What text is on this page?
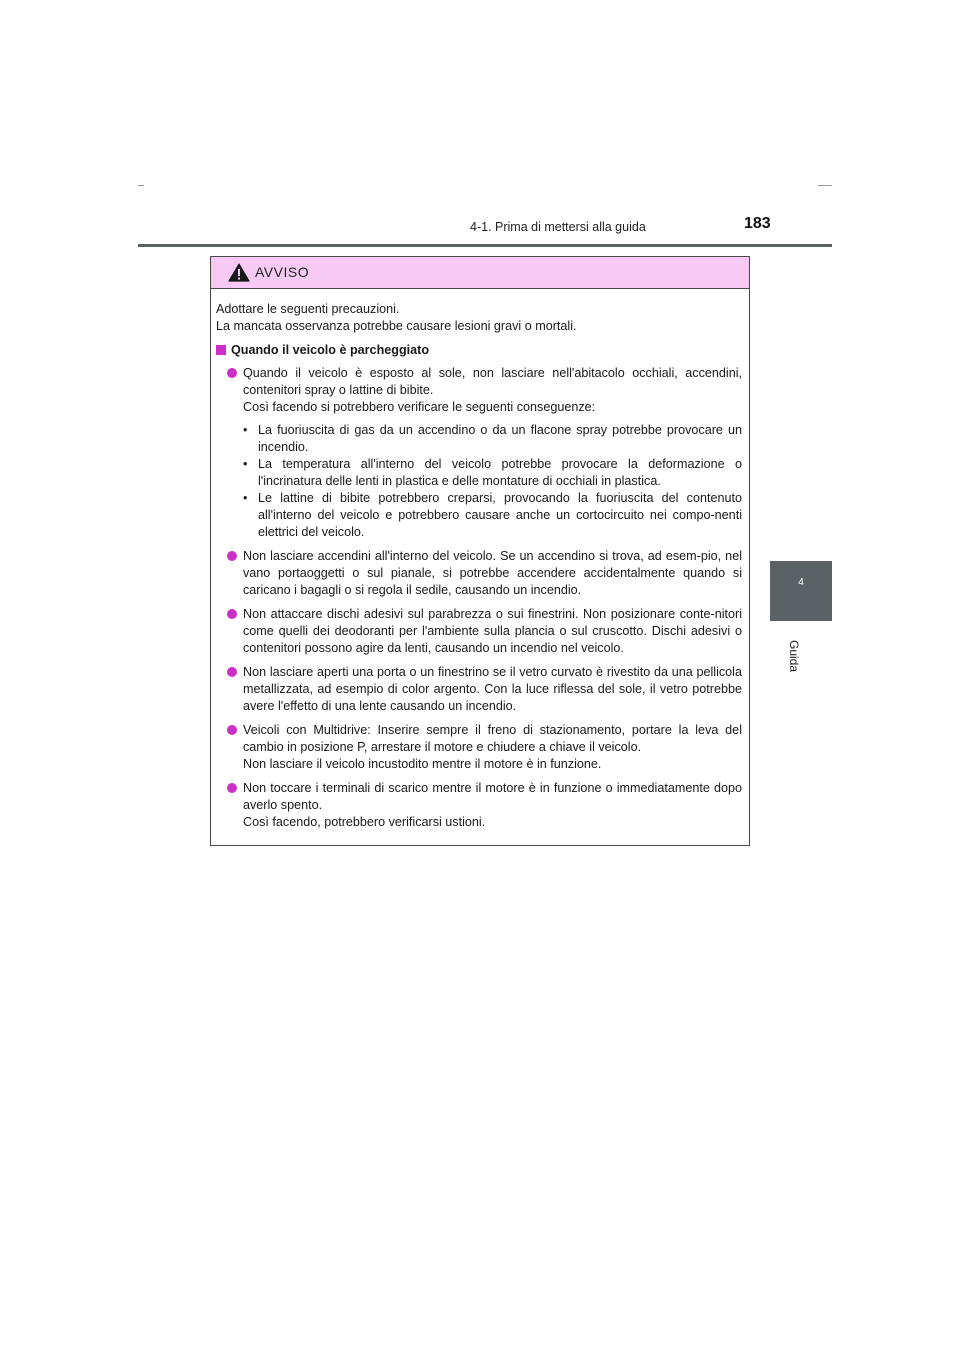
4-1. Prima di mettersi alla guida	183
4
Guida
AVVISO
Adottare le seguenti precauzioni.
La mancata osservanza potrebbe causare lesioni gravi o mortali.
Quando il veicolo è parcheggiato
Quando il veicolo è esposto al sole, non lasciare nell'abitacolo occhiali, accendini, contenitori spray o lattine di bibite.
Così facendo si potrebbero verificare le seguenti conseguenze:
• La fuoriuscita di gas da un accendino o da un flacone spray potrebbe provocare un incendio.
• La temperatura all'interno del veicolo potrebbe provocare la deformazione o l'incrinatura delle lenti in plastica e delle montature di occhiali in plastica.
• Le lattine di bibite potrebbero creparsi, provocando la fuoriuscita del contenuto all'interno del veicolo e potrebbero causare anche un cortocircuito nei compo-nenti elettrici del veicolo.
Non lasciare accendini all'interno del veicolo. Se un accendino si trova, ad esem-pio, nel vano portaoggetti o sul pianale, si potrebbe accendere accidentalmente quando si caricano i bagagli o si regola il sedile, causando un incendio.
Non attaccare dischi adesivi sul parabrezza o sui finestrini. Non posizionare conte-nitori come quelli dei deodoranti per l'ambiente sulla plancia o sul cruscotto. Dischi adesivi o contenitori possono agire da lenti, causando un incendio nel veicolo.
Non lasciare aperti una porta o un finestrino se il vetro curvato è rivestito da una pellicola metallizzata, ad esempio di color argento. Con la luce riflessa del sole, il vetro potrebbe avere l'effetto di una lente causando un incendio.
Veicoli con Multidrive: Inserire sempre il freno di stazionamento, portare la leva del cambio in posizione P, arrestare il motore e chiudere a chiave il veicolo.
Non lasciare il veicolo incustodito mentre il motore è in funzione.
Non toccare i terminali di scarico mentre il motore è in funzione o immediatamente dopo averlo spento.
Così facendo, potrebbero verificarsi ustioni.
